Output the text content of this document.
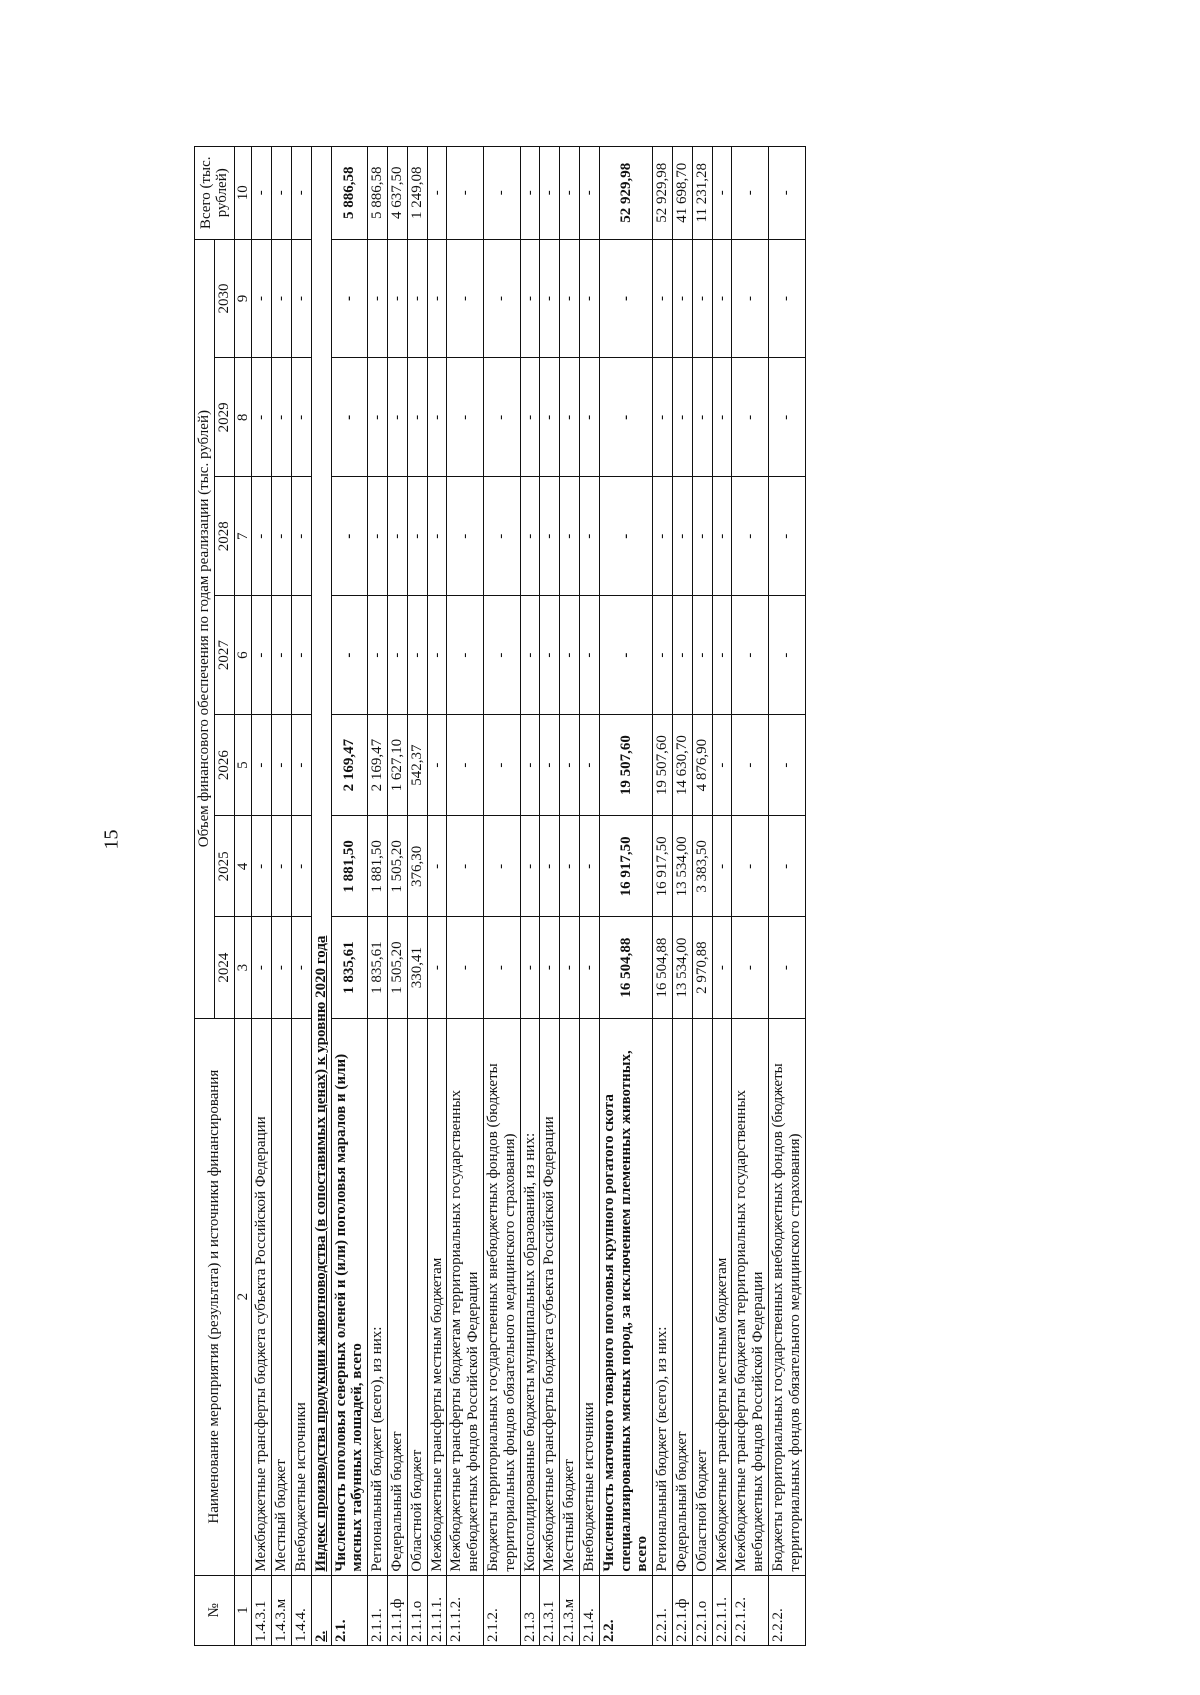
15
№	Наименование мероприятия (результата) и источники финансирования	Объем финансового обеспечения по годам реализации (тыс. рублей)							Всего (тыс. рублей)
		2024	2025	2026	2027	2028	2029	2030	
1	2	3	4	5	6	7	8	9	10
1.4.3.1	Межбюджетные трансферты бюджета субъекта Российской Федерации	-	-	-	-	-	-	-	-
1.4.3.м	Местный бюджет	-	-	-	-	-	-	-	-
1.4.4.	Внебюджетные источники	-	-	-	-	-	-	-	-
2.	Индекс производства продукции животноводства (в сопоставимых ценах) к уровню 2020 года								
2.1.	Численность поголовья северных оленей и (или) поголовья маралов и (или) мясных табунных лошадей, всего	1 835,61	1 881,50	2 169,47	-	-	-	-	5 886,58
2.1.1.	Региональный бюджет (всего), из них:	1 835,61	1 881,50	2 169,47	-	-	-	-	5 886,58
2.1.1.ф	Федеральный бюджет	1 505,20	1 505,20	1 627,10	-	-	-	-	4 637,50
2.1.1.о	Областной бюджет	330,41	376,30	542,37	-	-	-	-	1 249,08
2.1.1.1.	Межбюджетные трансферты местным бюджетам	-	-	-	-	-	-	-	-
2.1.1.2.	Межбюджетные трансферты бюджетам территориальных государственных внебюджетных фондов Российской Федерации	-	-	-	-	-	-	-	-
2.1.2.	Бюджеты территориальных государственных внебюджетных фондов (бюджеты территориальных фондов обязательного медицинского страхования)	-	-	-	-	-	-	-	-
2.1.3	Консолидированные бюджеты муниципальных образований, из них:	-	-	-	-	-	-	-	-
2.1.3.1	Межбюджетные трансферты бюджета субъекта Российской Федерации	-	-	-	-	-	-	-	-
2.1.3.м	Местный бюджет	-	-	-	-	-	-	-	-
2.1.4.	Внебюджетные источники	-	-	-	-	-	-	-	-
2.2.	Численность маточного товарного поголовья крупного рогатого скота специализированных мясных пород, за исключением племенных животных, всего	16 504,88	16 917,50	19 507,60	-	-	-	-	52 929,98
2.2.1.	Региональный бюджет (всего), из них:	16 504,88	16 917,50	19 507,60	-	-	-	-	52 929,98
2.2.1.ф	Федеральный бюджет	13 534,00	13 534,00	14 630,70	-	-	-	-	41 698,70
2.2.1.о	Областной бюджет	2 970,88	3 383,50	4 876,90	-	-	-	-	11 231,28
2.2.1.1.	Межбюджетные трансферты местным бюджетам	-	-	-	-	-	-	-	-
2.2.1.2.	Межбюджетные трансферты бюджетам территориальных государственных внебюджетных фондов Российской Федерации	-	-	-	-	-	-	-	-
2.2.2.	Бюджеты территориальных государственных внебюджетных фондов (бюджеты территориальных фондов обязательного медицинского страхования)	-	-	-	-	-	-	-	-
